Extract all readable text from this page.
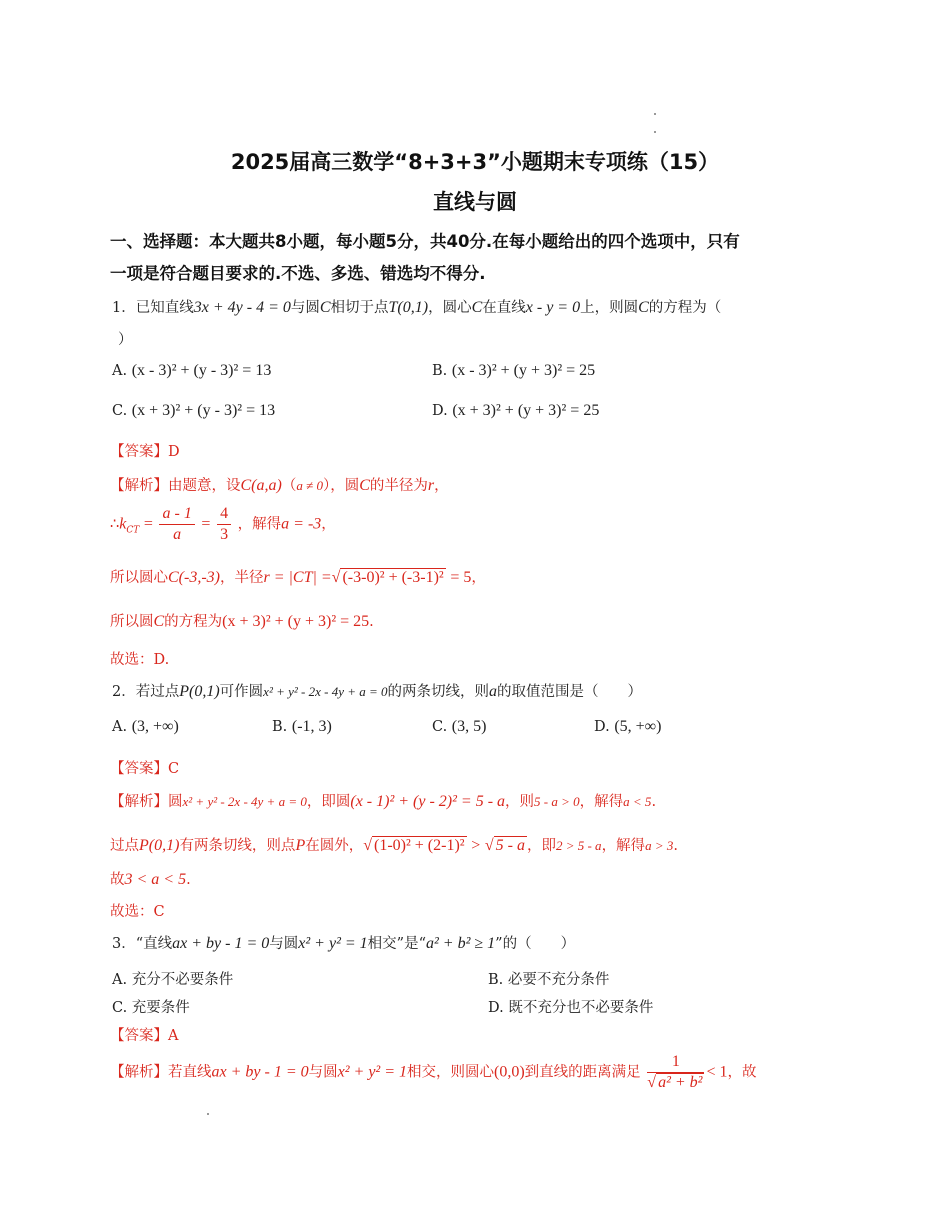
2025届高三数学“8+3+3”小题期末专项练（15）
直线与圆
一、选择题：本大题共8小题，每小题5分，共40分.在每小题给出的四个选项中，只有
一项是符合题目要求的.不选、多选、错选均不得分.
1．已知直线3x + 4y - 4 = 0与圆C相切于点T(0,1)，圆心C在直线x - y = 0上，则圆C的方程为（
）
A. (x - 3)² + (y - 3)² = 13	B. (x - 3)² + (y + 3)² = 25
C. (x + 3)² + (y - 3)² = 13	D. (x + 3)² + (y + 3)² = 25
【答案】D
【解析】由题意，设C(a,a)（a ≠ 0），圆C的半径为r，
$\therefore k_{CT} = \frac{a - 1}{a} = \frac{4}{3}$ ，解得a = -3，
所以圆心C(-3,-3)，半径r = |CT| =√ (-3-0)² + (-3-1)² = 5，
所以圆C的方程为(x + 3)² + (y + 3)² = 25.
故选：D.
2．若过点P(0,1)可作圆x² + y² - 2x - 4y + a = 0的两条切线，则a的取值范围是（　　）
A. (3, +∞)	B. (-1, 3)	C. (3, 5)	D. (5, +∞)
【答案】C
【解析】圆x² + y² - 2x - 4y + a = 0，即圆(x - 1)² + (y - 2)² = 5 - a，则5 - a > 0，解得a < 5.
过点P(0,1)有两条切线，则点P在圆外，√ (1-0)² + (2-1)² > √ 5 - a ，即2 > 5 - a，解得a > 3.
故3 < a < 5.
故选：C
3．“直线ax + by - 1 = 0与圆x² + y² = 1相交”是“a² + b² ≥ 1”的（　　）
A. 充分不必要条件	B. 必要不充分条件
C. 充要条件	D. 既不充分也不必要条件
【答案】A
【解析】若直线ax + by - 1 = 0与圆x² + y² = 1相交，则圆心(0,0)到直线的距离满足 $\frac{1}{\text{√ a² + b²}} < 1$，故
